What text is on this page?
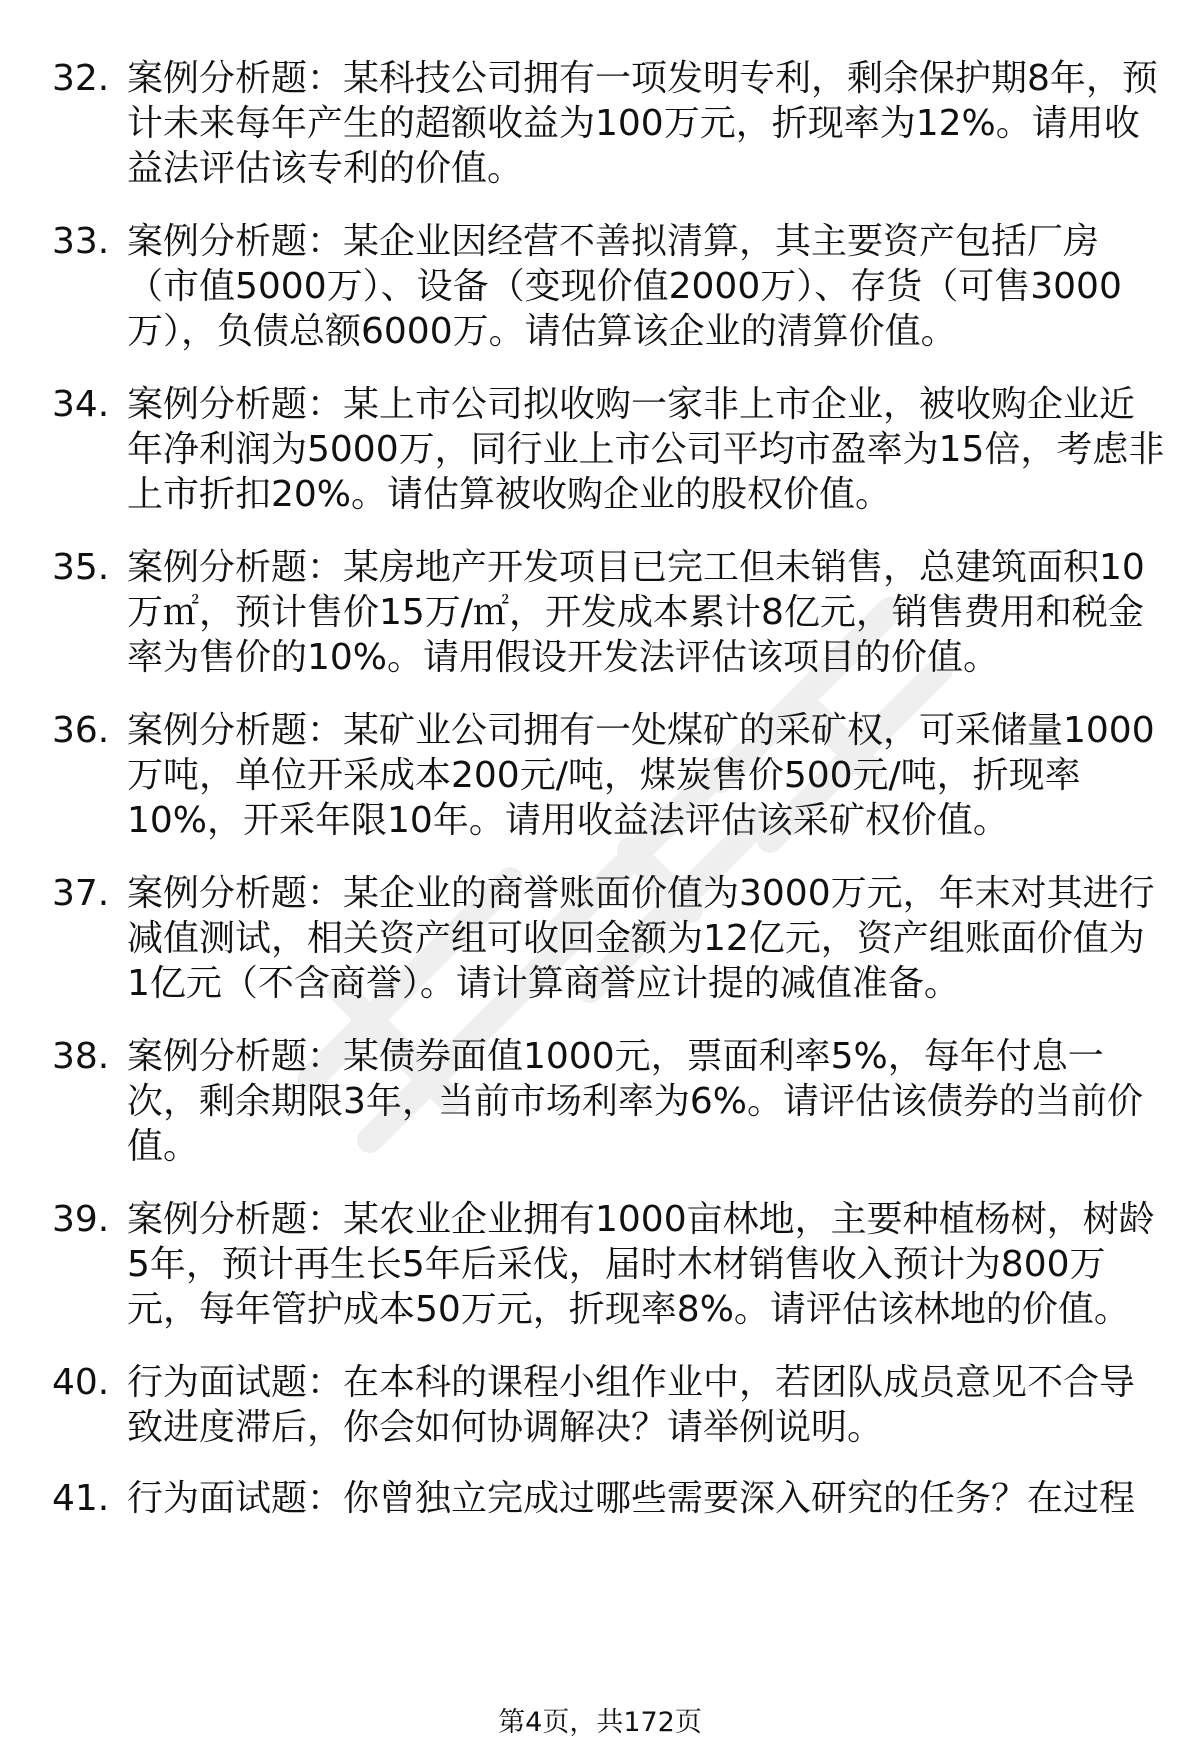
32. 案例分析题：某科技公司拥有一项发明专利，剩余保护期8年，预
计未来每年产生的超额收益为100万元，折现率为12%。请用收
益法评估该专利的价值。
33. 案例分析题：某企业因经营不善拟清算，其主要资产包括厂房
（市值5000万）、设备（变现价值2000万）、存货（可售3000
万），负债总额6000万。请估算该企业的清算价值。
34. 案例分析题：某上市公司拟收购一家非上市企业，被收购企业近
年净利润为5000万，同行业上市公司平均市盈率为15倍，考虑非
上市折扣20%。请估算被收购企业的股权价值。
35. 案例分析题：某房地产开发项目已完工但未销售，总建筑面积10
万㎡，预计售价15万/㎡，开发成本累计8亿元，销售费用和税金
率为售价的10%。请用假设开发法评估该项目的价值。
36. 案例分析题：某矿业公司拥有一处煤矿的采矿权，可采储量1000
万吨，单位开采成本200元/吨，煤炭售价500元/吨，折现率
10%，开采年限10年。请用收益法评估该采矿权价值。
37. 案例分析题：某企业的商誉账面价值为3000万元，年末对其进行
减值测试，相关资产组可收回金额为12亿元，资产组账面价值为
1亿元（不含商誉）。请计算商誉应计提的减值准备。
38. 案例分析题：某债券面值1000元，票面利率5%，每年付息一
次，剩余期限3年，当前市场利率为6%。请评估该债券的当前价
值。
39. 案例分析题：某农业企业拥有1000亩林地，主要种植杨树，树龄
5年，预计再生长5年后采伐，届时木材销售收入预计为800万
元，每年管护成本50万元，折现率8%。请评估该林地的价值。
40. 行为面试题：在本科的课程小组作业中，若团队成员意见不合导
致进度滞后，你会如何协调解决？请举例说明。
41. 行为面试题：你曾独立完成过哪些需要深入研究的任务？在过程
第4页，共172页
